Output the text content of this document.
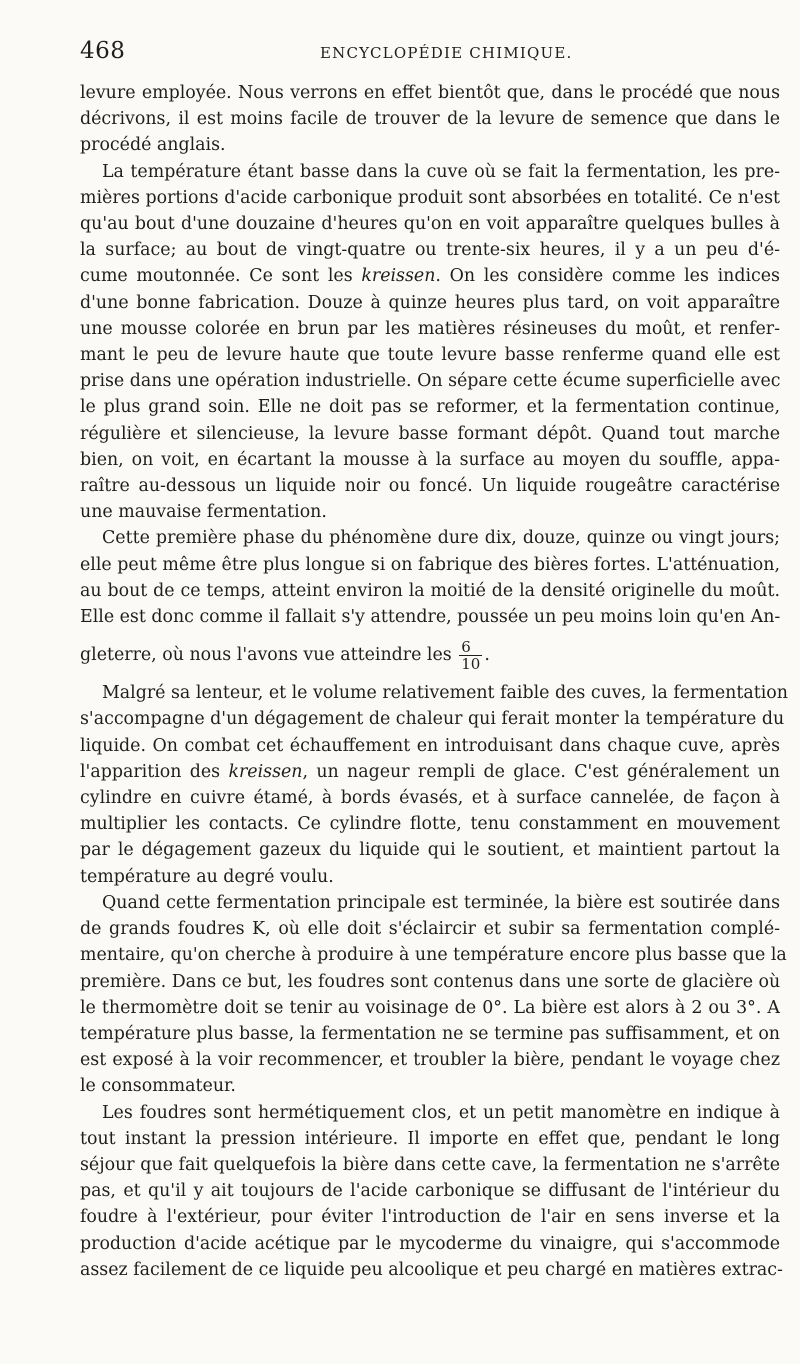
468	ENCYCLOPÉDIE CHIMIQUE.
levure employée. Nous verrons en effet bientôt que, dans le procédé que nous
décrivons, il est moins facile de trouver de la levure de semence que dans le
procédé anglais.
La température étant basse dans la cuve où se fait la fermentation, les pre-
mières portions d'acide carbonique produit sont absorbées en totalité. Ce n'est
qu'au bout d'une douzaine d'heures qu'on en voit apparaître quelques bulles à
la surface; au bout de vingt-quatre ou trente-six heures, il y a un peu d'é-
cume moutonnée. Ce sont les kreissen. On les considère comme les indices
d'une bonne fabrication. Douze à quinze heures plus tard, on voit apparaître
une mousse colorée en brun par les matières résineuses du moût, et renfer-
mant le peu de levure haute que toute levure basse renferme quand elle est
prise dans une opération industrielle. On sépare cette écume superficielle avec
le plus grand soin. Elle ne doit pas se reformer, et la fermentation continue,
régulière et silencieuse, la levure basse formant dépôt. Quand tout marche
bien, on voit, en écartant la mousse à la surface au moyen du souffle, appa-
raître au-dessous un liquide noir ou foncé. Un liquide rougeâtre caractérise
une mauvaise fermentation.
Cette première phase du phénomène dure dix, douze, quinze ou vingt jours;
elle peut même être plus longue si on fabrique des bières fortes. L'atténuation,
au bout de ce temps, atteint environ la moitié de la densité originelle du moût.
Elle est donc comme il fallait s'y attendre, poussée un peu moins loin qu'en An-
gleterre, où nous l'avons vue atteindre les $\frac{6}{10}$ .
Malgré sa lenteur, et le volume relativement faible des cuves, la fermentation
s'accompagne d'un dégagement de chaleur qui ferait monter la température du
liquide. On combat cet échauffement en introduisant dans chaque cuve, après
l'apparition des kreissen, un nageur rempli de glace. C'est généralement un
cylindre en cuivre étamé, à bords évasés, et à surface cannelée, de façon à
multiplier les contacts. Ce cylindre flotte, tenu constamment en mouvement
par le dégagement gazeux du liquide qui le soutient, et maintient partout la
température au degré voulu.
Quand cette fermentation principale est terminée, la bière est soutirée dans
de grands foudres K, où elle doit s'éclaircir et subir sa fermentation complé-
mentaire, qu'on cherche à produire à une température encore plus basse que la
première. Dans ce but, les foudres sont contenus dans une sorte de glacière où
le thermomètre doit se tenir au voisinage de 0°. La bière est alors à 2 ou 3°. A
température plus basse, la fermentation ne se termine pas suffisamment, et on
est exposé à la voir recommencer, et troubler la bière, pendant le voyage chez
le consommateur.
Les foudres sont hermétiquement clos, et un petit manomètre en indique à
tout instant la pression intérieure. Il importe en effet que, pendant le long
séjour que fait quelquefois la bière dans cette cave, la fermentation ne s'arrête
pas, et qu'il y ait toujours de l'acide carbonique se diffusant de l'intérieur du
foudre à l'extérieur, pour éviter l'introduction de l'air en sens inverse et la
production d'acide acétique par le mycoderme du vinaigre, qui s'accommode
assez facilement de ce liquide peu alcoolique et peu chargé en matières extrac-
